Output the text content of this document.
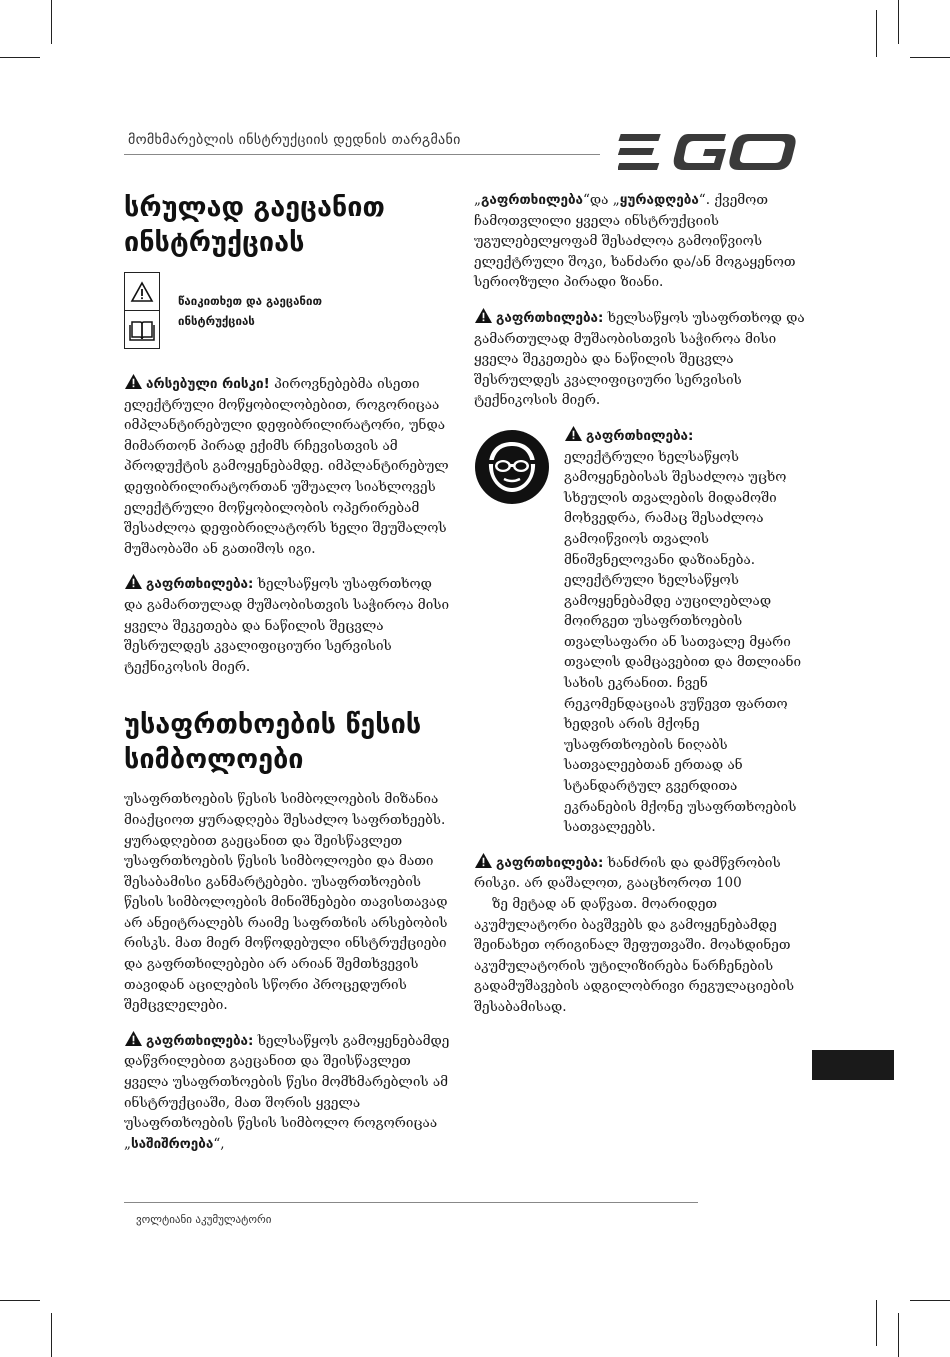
მომხმარებლის ინსტრუქციის დედნის თარგმანი
სრულად გაეცანით ინსტრუქციას
წაიკითხეთ და გაეცანით ინსტრუქციას

არსებული რისკი! პიროვნებებმა ისეთი ელექტრული მოწყობილობებით, როგორიცაა იმპლანტირებული დეფიბრილირატორი, უნდა მიმართონ პირად ექიმს რჩევისთვის ამ პროდუქტის გამოყენებამდე. იმპლანტირებულ დეფიბრილირატორთან უშუალო სიახლოვეს ელექტრული მოწყობილობის ოპერირებამ შესაძლოა დეფიბრილატორს ხელი შეუშალოს მუშაობაში ან გათიშოს იგი.

გაფრთხილება: ხელსაწყოს უსაფრთხოდ და გამართულად მუშაობისთვის საჭიროა მისი ყველა შეკეთება და ნაწილის შეცვლა შესრულდეს კვალიფიციური სერვისის ტექნიკოსის მიერ.

უსაფრთხოების წესის სიმბოლოები

უსაფრთხოების წესის სიმბოლოების მიზანია მიაქციოთ ყურადღება შესაძლო საფრთხეებს. ყურადღებით გაეცანით და შეისწავლეთ უსაფრთხოების წესის სიმბოლოები და მათი შესაბამისი განმარტებები. უსაფრთხოების წესის სიმბოლოების მინიშნებები თავისთავად არ ანეიტრალებს რაიმე საფრთხის არსებობის რისკს. მათ მიერ მოწოდებული ინსტრუქციები და გაფრთხილებები არ არიან შემთხვევის თავიდან აცილების სწორი პროცედურის შემცვლელები.

გაფრთხილება: ხელსაწყოს გამოყენებამდე დაწვრილებით გაეცანით და შეისწავლეთ ყველა უსაფრთხოების წესი მომხმარებლის ამ ინსტრუქციაში, მათ შორის ყველა უსაფრთხოების წესის სიმბოლო როგორიცაა „საშიშროება“,

„გაფრთხილება“და „ყურადღება“. ქვემოთ ჩამოთვლილი ყველა ინსტრუქციის უგულებელყოფამ შესაძლოა გამოიწვიოს ელექტრული შოკი, ხანძარი და/ან მოგაყენოთ სერიოზული პირადი ზიანი.

გაფრთხილება: ხელსაწყოს უსაფრთხოდ და გამართულად მუშაობისთვის საჭიროა მისი ყველა შეკეთება და ნაწილის შეცვლა შესრულდეს კვალიფიციური სერვისის ტექნიკოსის მიერ.

გაფრთხილება:
ელექტრული ხელსაწყოს გამოყენებისას შესაძლოა უცხო სხეულის თვალების მიდამოში მოხვედრა, რამაც შესაძლოა გამოიწვიოს თვალის მნიშვნელოვანი დაზიანება. ელექტრული ხელსაწყოს გამოყენებამდე აუცილებლად მოირგეთ უსაფრთხოების თვალსაფარი ან სათვალე მყარი თვალის დამცავებით და მთლიანი სახის ეკრანით. ჩვენ რეკომენდაციას ვუწევთ ფართო ხედვის არის მქონე უსაფრთხოების ნიღაბს სათვალეებთან ერთად ან სტანდარტულ გვერდითა ეკრანების მქონე უსაფრთხოების სათვალეებს.

გაფრთხილება: ხანძრის და დამწვრობის რისკი. არ დაშალოთ, გააცხოროთ 100

ზე მეტად ან დაწვათ. მოარიდეთ აკუმულატორი ბავშვებს და გამოყენებამდე შეინახეთ ორიგინალ შეფუთვაში. მოახდინეთ აკუმულატორის უტილიზირება ნარჩენების გადამუშავების ადგილობრივი რეგულაციების შესაბამისად.

ვოლტიანი აკუმულატორი
